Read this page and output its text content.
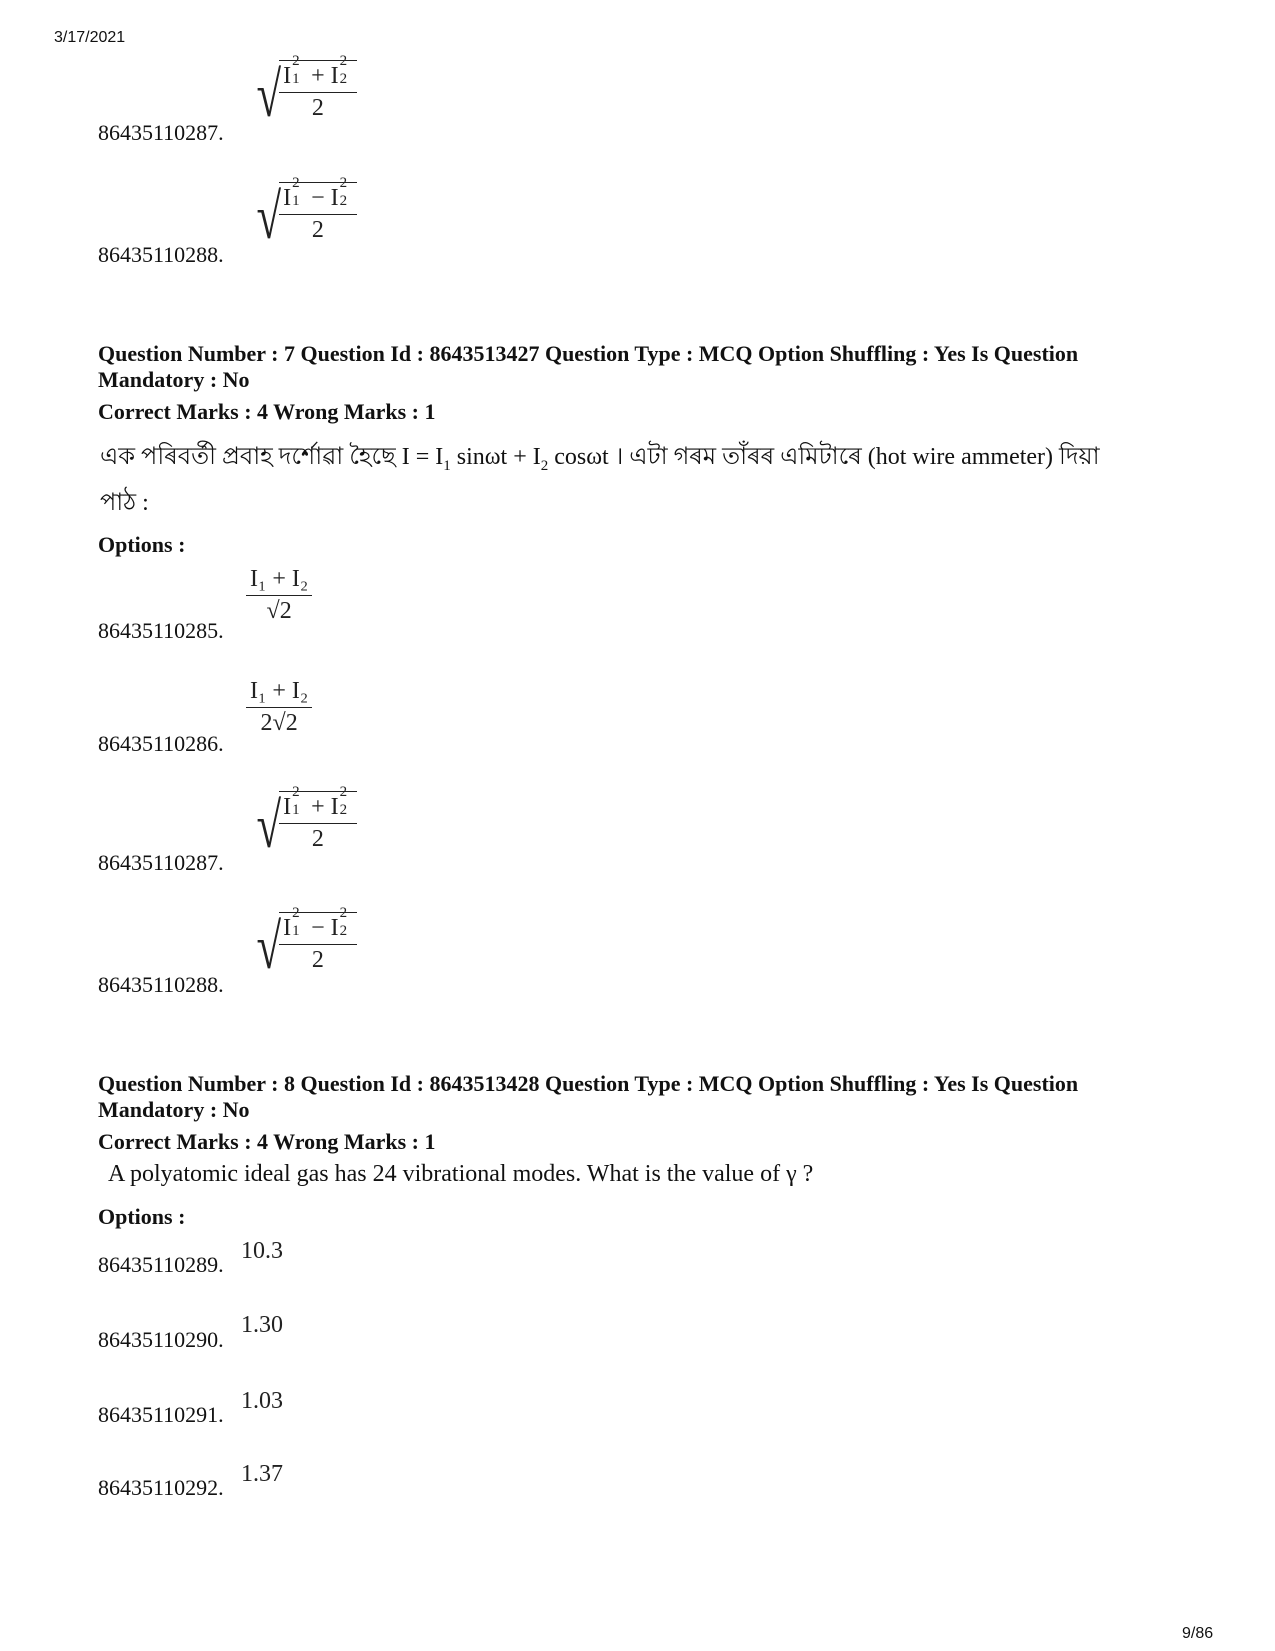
3/17/2021
9/86
86435110287.
√
I
2
1 + I
2
2
2
86435110288.
√
I
2
1 − I
2
2
2
Question Number : 7 Question Id : 8643513427 Question Type : MCQ Option Shuffling : Yes Is Question Mandatory : No
Correct Marks : 4 Wrong Marks : 1
এক পৰিবৰ্তী প্ৰবাহ দৰ্শোৱা হৈছে $I = I_1$ $\sin\omega t + I_2$ cosωt । এটা গৰম তাঁৰৰ এমিটাৰে (hot wire ammeter) দিয়া
পাঠ :
Options :
86435110285.
$\frac{\text{I₁ + I₂}}{√2}$
86435110286.
$\frac{\text{I₁ + I₂}}{2√2}$
86435110287.
√
I
2
1 + I
2
2
2
86435110288.
√
I
2
1 − I
2
2
2
Question Number : 8 Question Id : 8643513428 Question Type : MCQ Option Shuffling : Yes Is Question Mandatory : No
Correct Marks : 4 Wrong Marks : 1
A polyatomic ideal gas has 24 vibrational modes. What is the value of γ ?
Options :
86435110289.
10.3
86435110290.
1.30
86435110291.
1.03
86435110292.
1.37
